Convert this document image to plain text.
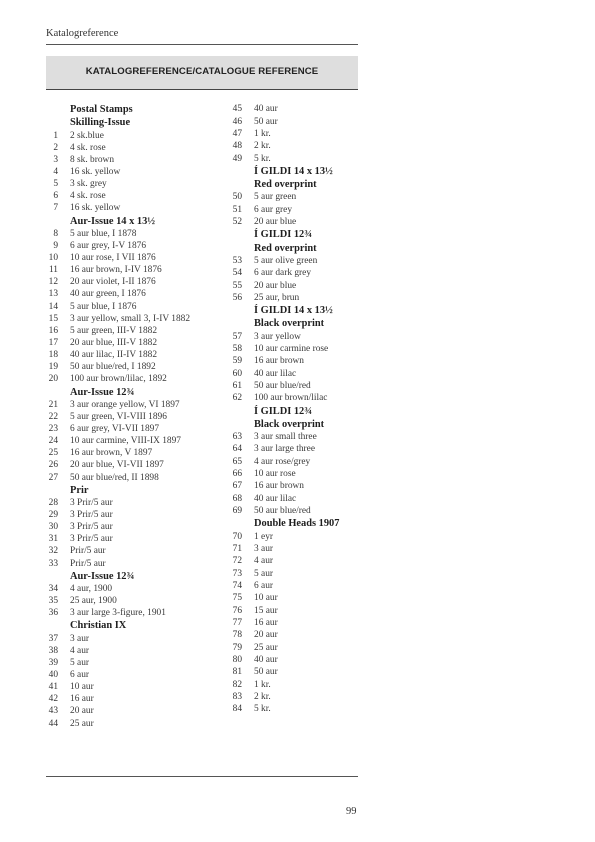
Katalogreference
KATALOGREFERENCE/CATALOGUE REFERENCE
Postal Stamps
Skilling-Issue
1	2 sk.blue
2	4 sk. rose
3	8 sk. brown
4	16 sk. yellow
5	3 sk. grey
6	4 sk. rose
7	16 sk. yellow
Aur-Issue 14 x 13½
8	5 aur blue, I 1878
9	6 aur grey, I-V 1876
10	10 aur rose, I VII 1876
11	16 aur brown, I-IV 1876
12	20 aur violet, I-II 1876
13	40 aur green, I 1876
14	5 aur blue, I 1876
15	3 aur yellow, small 3, I-IV 1882
16	5 aur green, III-V 1882
17	20 aur blue, III-V 1882
18	40 aur lilac, II-IV 1882
19	50 aur blue/red, I 1892
20	100 aur brown/lilac, 1892
Aur-Issue 12¾
21	3 aur orange yellow, VI 1897
22	5 aur green, VI-VIII 1896
23	6 aur grey, VI-VII 1897
24	10 aur carmine, VIII-IX 1897
25	16 aur brown, V 1897
26	20 aur blue, VI-VII 1897
27	50 aur blue/red, II 1898
Prir
28	3 Prir/5 aur
29	3 Prir/5 aur
30	3 Prir/5 aur
31	3 Prir/5 aur
32	Prir/5 aur
33	Prir/5 aur
Aur-Issue 12¾
34	4 aur, 1900
35	25 aur, 1900
36	3 aur large 3-figure, 1901
Christian IX
37	3 aur
38	4 aur
39	5 aur
40	6 aur
41	10 aur
42	16 aur
43	20 aur
44	25 aur
45	40 aur
46	50 aur
47	1 kr.
48	2 kr.
49	5 kr.
Í GILDI 14 x 13½
Red overprint
50	5 aur green
51	6 aur grey
52	20 aur blue
Í GILDI 12¾
Red overprint
53	5 aur olive green
54	6 aur dark grey
55	20 aur blue
56	25 aur, brun
Í GILDI 14 x 13½
Black overprint
57	3 aur yellow
58	10 aur carmine rose
59	16 aur brown
60	40 aur lilac
61	50 aur blue/red
62	100 aur brown/lilac
Í GILDI 12¾
Black overprint
63	3 aur small three
64	3 aur large three
65	4 aur rose/grey
66	10 aur rose
67	16 aur brown
68	40 aur lilac
69	50 aur blue/red
Double Heads 1907
70	1 eyr
71	3 aur
72	4 aur
73	5 aur
74	6 aur
75	10 aur
76	15 aur
77	16 aur
78	20 aur
79	25 aur
80	40 aur
81	50 aur
82	1 kr.
83	2 kr.
84	5 kr.
99
